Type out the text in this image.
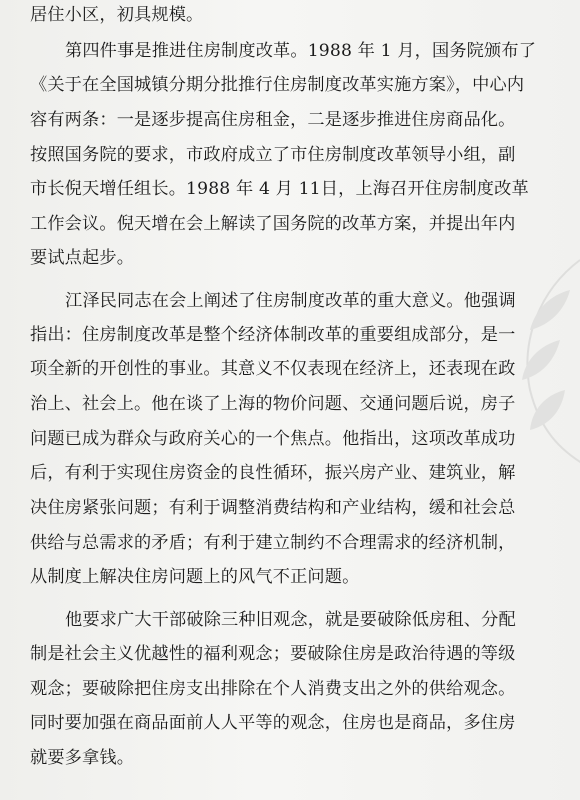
居住小区，初具规模。
第四件事是推进住房制度改革。1988 年 1 月，国务院颁布了
《关于在全国城镇分期分批推行住房制度改革实施方案》，中心内
容有两条：一是逐步提高住房租金，二是逐步推进住房商品化。
按照国务院的要求，市政府成立了市住房制度改革领导小组，副
市长倪天增任组长。1988 年 4 月 11日，上海召开住房制度改革
工作会议。倪天增在会上解读了国务院的改革方案，并提出年内
要试点起步。
江泽民同志在会上阐述了住房制度改革的重大意义。他强调
指出：住房制度改革是整个经济体制改革的重要组成部分，是一
项全新的开创性的事业。其意义不仅表现在经济上，还表现在政
治上、社会上。他在谈了上海的物价问题、交通问题后说，房子
问题已成为群众与政府关心的一个焦点。他指出，这项改革成功
后，有利于实现住房资金的良性循环，振兴房产业、建筑业，解
决住房紧张问题；有利于调整消费结构和产业结构，缓和社会总
供给与总需求的矛盾；有利于建立制约不合理需求的经济机制，
从制度上解决住房问题上的风气不正问题。
他要求广大干部破除三种旧观念，就是要破除低房租、分配
制是社会主义优越性的福利观念；要破除住房是政治待遇的等级
观念；要破除把住房支出排除在个人消费支出之外的供给观念。
同时要加强在商品面前人人平等的观念，住房也是商品，多住房
就要多拿钱。
